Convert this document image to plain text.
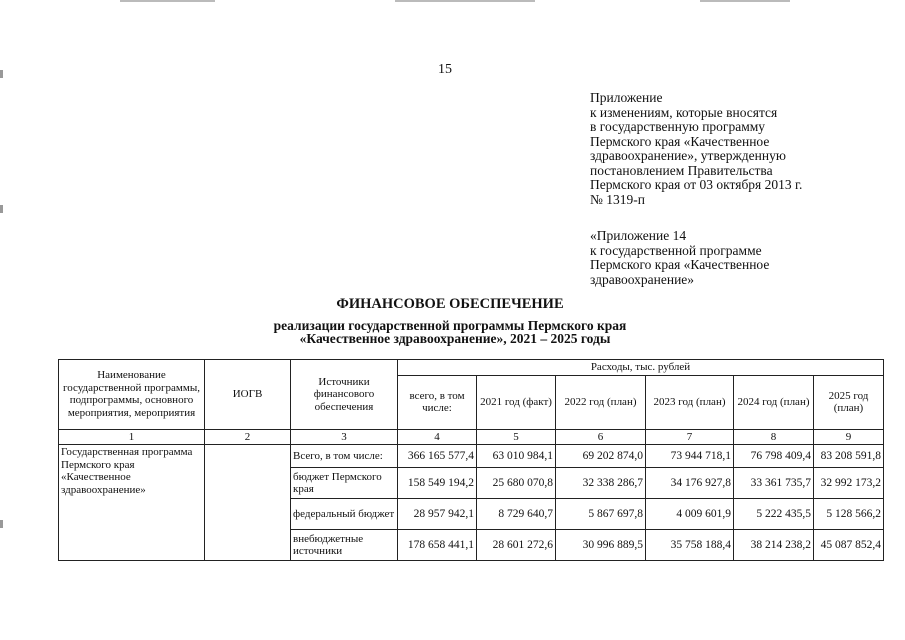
15
Приложение
к изменениям, которые вносятся
в государственную программу
Пермского края «Качественное
здравоохранение», утвержденную
постановлением Правительства
Пермского края от 03 октября 2013 г.
№ 1319-п
«Приложение 14
к государственной программе
Пермского края «Качественное
здравоохранение»
ФИНАНСОВОЕ ОБЕСПЕЧЕНИЕ
реализации государственной программы Пермского края
«Качественное здравоохранение», 2021 – 2025 годы
Наименование государственной программы, подпрограммы, основного мероприятия, мероприятия	ИОГВ	Источники финансового обеспечения	Расходы, тыс. рублей					
			всего, в том числе:	2021 год (факт)	2022 год (план)	2023 год (план)	2024 год (план)	2025 год (план)
1	2	3	4	5	6	7	8	9
Государственная программа Пермского края «Качественное здравоохранение»		Всего, в том числе:	366 165 577,4	63 010 984,1	69 202 874,0	73 944 718,1	76 798 409,4	83 208 591,8
		бюджет Пермского края	158 549 194,2	25 680 070,8	32 338 286,7	34 176 927,8	33 361 735,7	32 992 173,2
		федеральный бюджет	28 957 942,1	8 729 640,7	5 867 697,8	4 009 601,9	5 222 435,5	5 128 566,2
		внебюджетные источники	178 658 441,1	28 601 272,6	30 996 889,5	35 758 188,4	38 214 238,2	45 087 852,4
